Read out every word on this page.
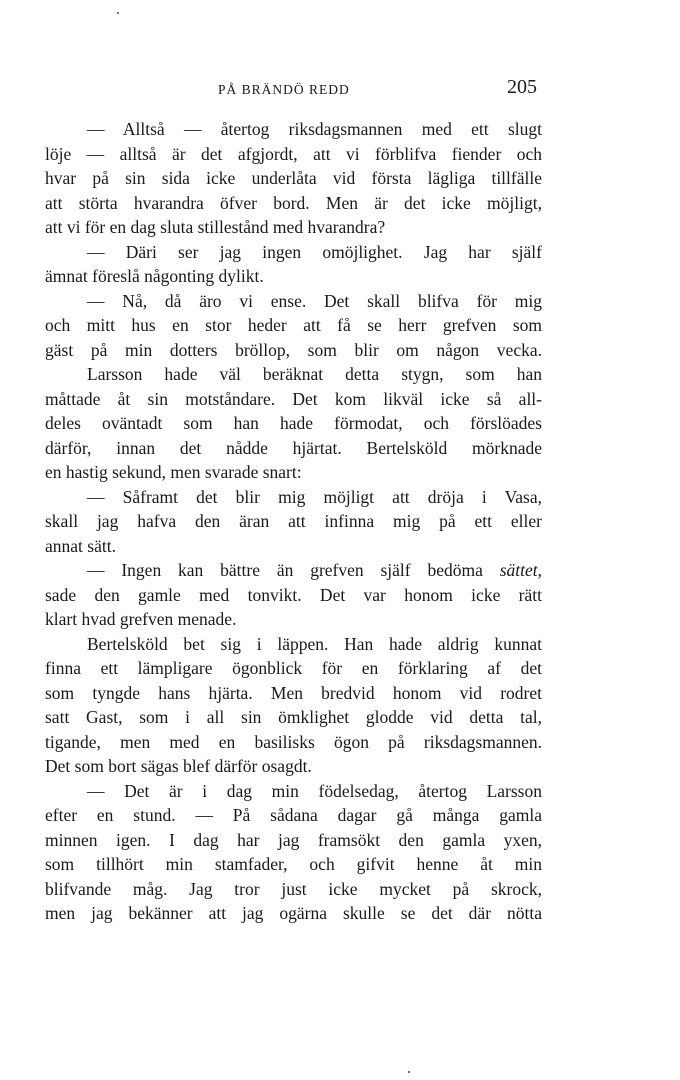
PÅ BRÄNDÖ REDD	205
— Alltså — återtog riksdagsmannen med ett slugt
löje — alltså är det afgjordt, att vi förblifva fiender och
hvar på sin sida icke underlåta vid första lägliga tillfälle
att störta hvarandra öfver bord. Men är det icke möjligt,
att vi för en dag sluta stillestånd med hvarandra?
— Däri ser jag ingen omöjlighet. Jag har själf
ämnat föreslå någonting dylikt.
— Nå, då äro vi ense. Det skall blifva för mig
och mitt hus en stor heder att få se herr grefven som
gäst på min dotters bröllop, som blir om någon vecka.
Larsson hade väl beräknat detta stygn, som han
måttade åt sin motståndare. Det kom likväl icke så all-
deles oväntadt som han hade förmodat, och förslöades
därför, innan det nådde hjärtat. Bertelsköld mörknade
en hastig sekund, men svarade snart:
— Såframt det blir mig möjligt att dröja i Vasa,
skall jag hafva den äran att infinna mig på ett eller
annat sätt.
— Ingen kan bättre än grefven själf bedöma sättet,
sade den gamle med tonvikt. Det var honom icke rätt
klart hvad grefven menade.
Bertelsköld bet sig i läppen. Han hade aldrig kunnat
finna ett lämpligare ögonblick för en förklaring af det
som tyngde hans hjärta. Men bredvid honom vid rodret
satt Gast, som i all sin ömklighet glodde vid detta tal,
tigande, men med en basilisks ögon på riksdagsmannen.
Det som bort sägas blef därför osagdt.
— Det är i dag min födelsedag, återtog Larsson
efter en stund. — På sådana dagar gå många gamla
minnen igen. I dag har jag framsökt den gamla yxen,
som tillhört min stamfader, och gifvit henne åt min
blifvande måg. Jag tror just icke mycket på skrock,
men jag bekänner att jag ogärna skulle se det där nötta
